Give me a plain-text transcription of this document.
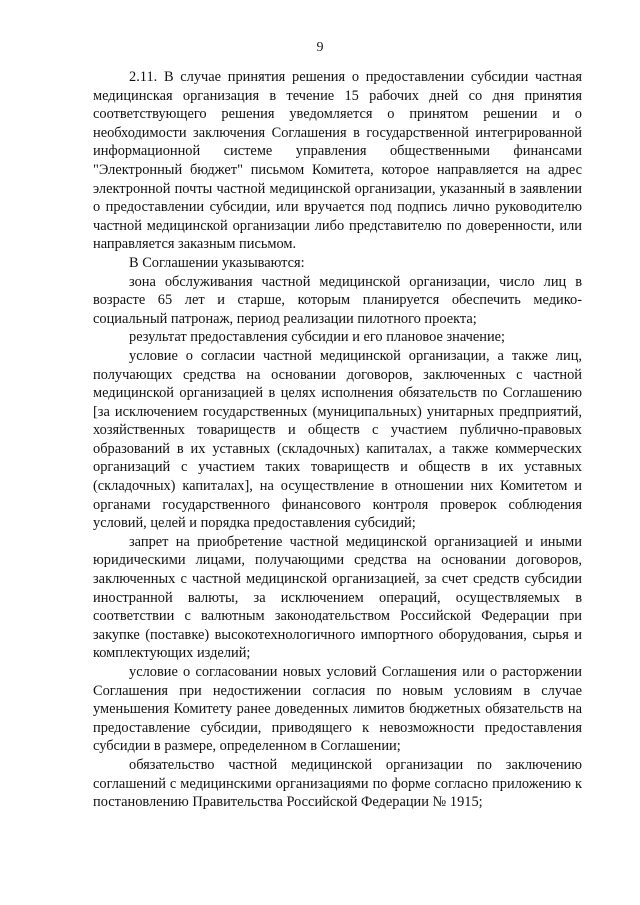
9

2.11. В случае принятия решения о предоставлении субсидии частная медицинская организация в течение 15 рабочих дней со дня принятия соответствующего решения уведомляется о принятом решении и о необходимости заключения Соглашения в государственной интегрированной информационной системе управления общественными финансами "Электронный бюджет" письмом Комитета, которое направляется на адрес электронной почты частной медицинской организации, указанный в заявлении о предоставлении субсидии, или вручается под подпись лично руководителю частной медицинской организации либо представителю по доверенности, или направляется заказным письмом.

В Соглашении указываются:

зона обслуживания частной медицинской организации, число лиц в возрасте 65 лет и старше, которым планируется обеспечить медико-социальный патронаж, период реализации пилотного проекта;

результат предоставления субсидии и его плановое значение;

условие о согласии частной медицинской организации, а также лиц, получающих средства на основании договоров, заключенных с частной медицинской организацией в целях исполнения обязательств по Соглашению [за исключением государственных (муниципальных) унитарных предприятий, хозяйственных товариществ и обществ с участием публично-правовых образований в их уставных (складочных) капиталах, а также коммерческих организаций с участием таких товариществ и обществ в их уставных (складочных) капиталах], на осуществление в отношении них Комитетом и органами государственного финансового контроля проверок соблюдения условий, целей и порядка предоставления субсидий;

запрет на приобретение частной медицинской организацией и иными юридическими лицами, получающими средства на основании договоров, заключенных с частной медицинской организацией, за счет средств субсидии иностранной валюты, за исключением операций, осуществляемых в соответствии с валютным законодательством Российской Федерации при закупке (поставке) высокотехнологичного импортного оборудования, сырья и комплектующих изделий;

условие о согласовании новых условий Соглашения или о расторжении Соглашения при недостижении согласия по новым условиям в случае уменьшения Комитету ранее доведенных лимитов бюджетных обязательств на предоставление субсидии, приводящего к невозможности предоставления субсидии в размере, определенном в Соглашении;

обязательство частной медицинской организации по заключению соглашений с медицинскими организациями по форме согласно приложению к постановлению Правительства Российской Федерации № 1915;
